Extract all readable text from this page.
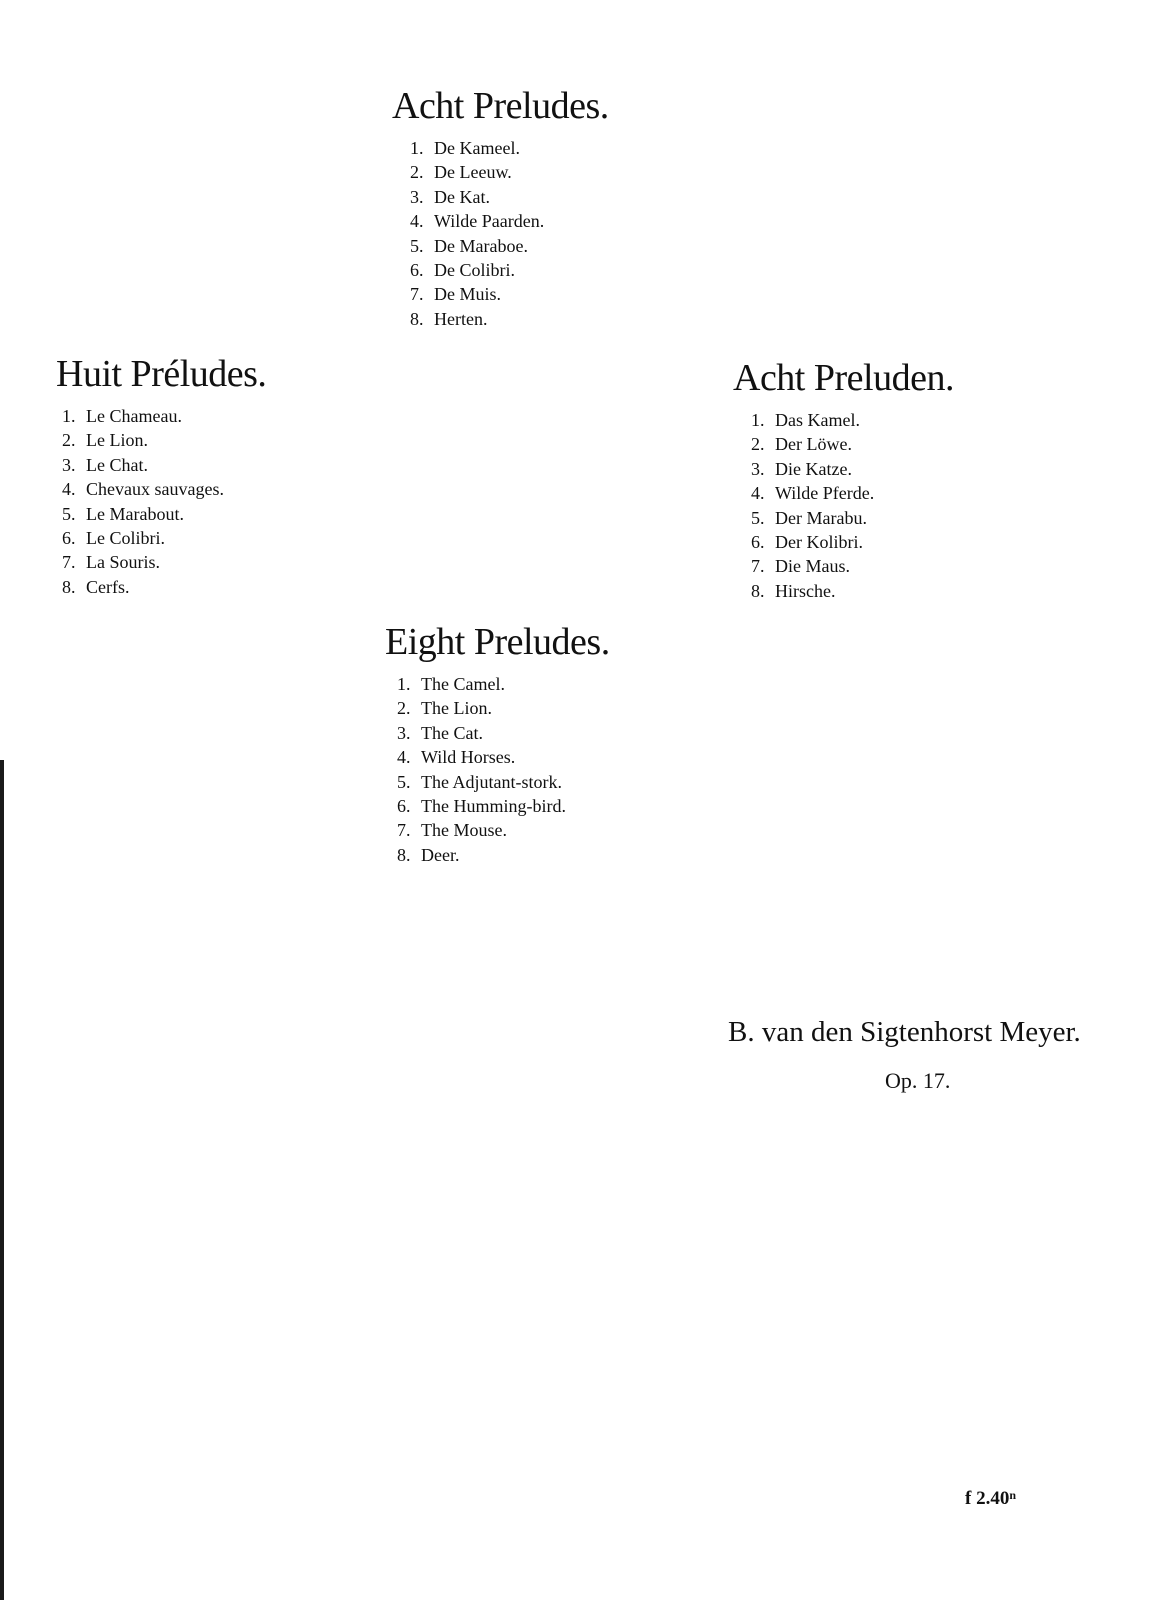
Acht Preludes.
1. De Kameel.
2. De Leeuw.
3. De Kat.
4. Wilde Paarden.
5. De Maraboe.
6. De Colibri.
7. De Muis.
8. Herten.
Huit Préludes.
1. Le Chameau.
2. Le Lion.
3. Le Chat.
4. Chevaux sauvages.
5. Le Marabout.
6. Le Colibri.
7. La Souris.
8. Cerfs.
Acht Preluden.
1. Das Kamel.
2. Der Löwe.
3. Die Katze.
4. Wilde Pferde.
5. Der Marabu.
6. Der Kolibri.
7. Die Maus.
8. Hirsche.
Eight Preludes.
1. The Camel.
2. The Lion.
3. The Cat.
4. Wild Horses.
5. The Adjutant-stork.
6. The Humming-bird.
7. The Mouse.
8. Deer.
B. van den Sigtenhorst Meyer.
Op. 17.
f 2.40$^n$
